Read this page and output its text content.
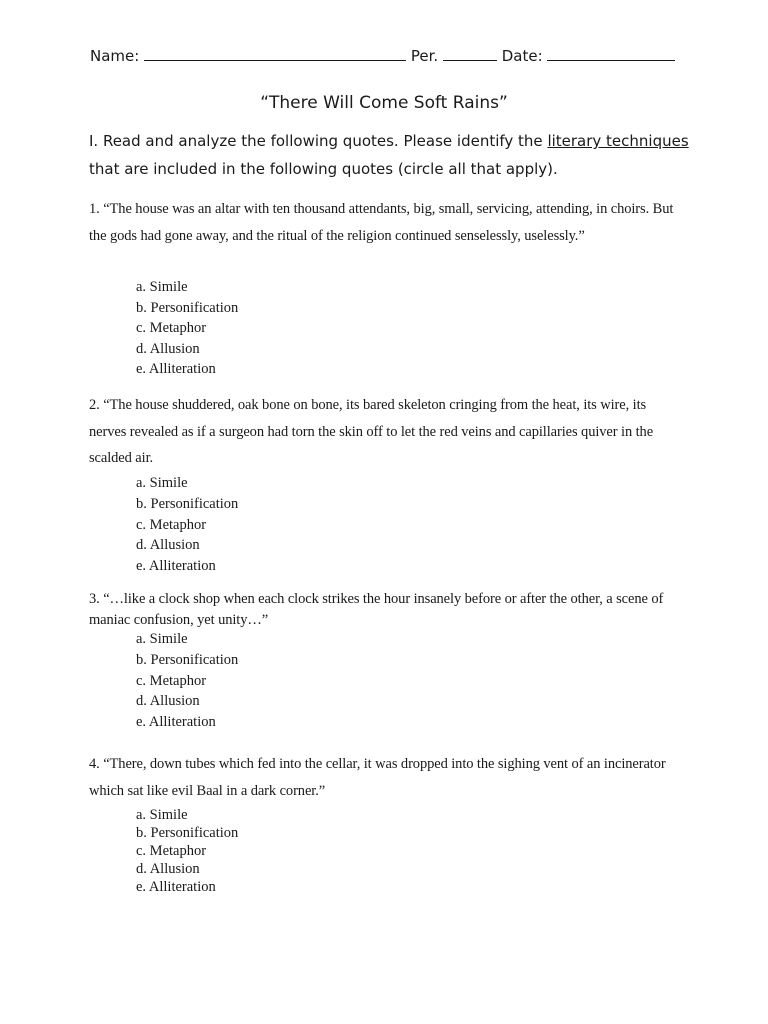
Name:	Per.	Date:
“There Will Come Soft Rains”
I. Read and analyze the following quotes. Please identify the literary techniques that are included in the following quotes (circle all that apply).
1. “The house was an altar with ten thousand attendants, big, small, servicing, attending, in choirs. But the gods had gone away, and the ritual of the religion continued senselessly, uselessly.”
a. Simile
b. Personification
c. Metaphor
d. Allusion
e. Alliteration
2. “The house shuddered, oak bone on bone, its bared skeleton cringing from the heat, its wire, its nerves revealed as if a surgeon had torn the skin off to let the red veins and capillaries quiver in the scalded air.
a. Simile
b. Personification
c. Metaphor
d. Allusion
e. Alliteration
3. “…like a clock shop when each clock strikes the hour insanely before or after the other, a scene of maniac confusion, yet unity…”
a. Simile
b. Personification
c. Metaphor
d. Allusion
e. Alliteration
4. “There, down tubes which fed into the cellar, it was dropped into the sighing vent of an incinerator which sat like evil Baal in a dark corner.”
a. Simile
b. Personification
c. Metaphor
d. Allusion
e. Alliteration
